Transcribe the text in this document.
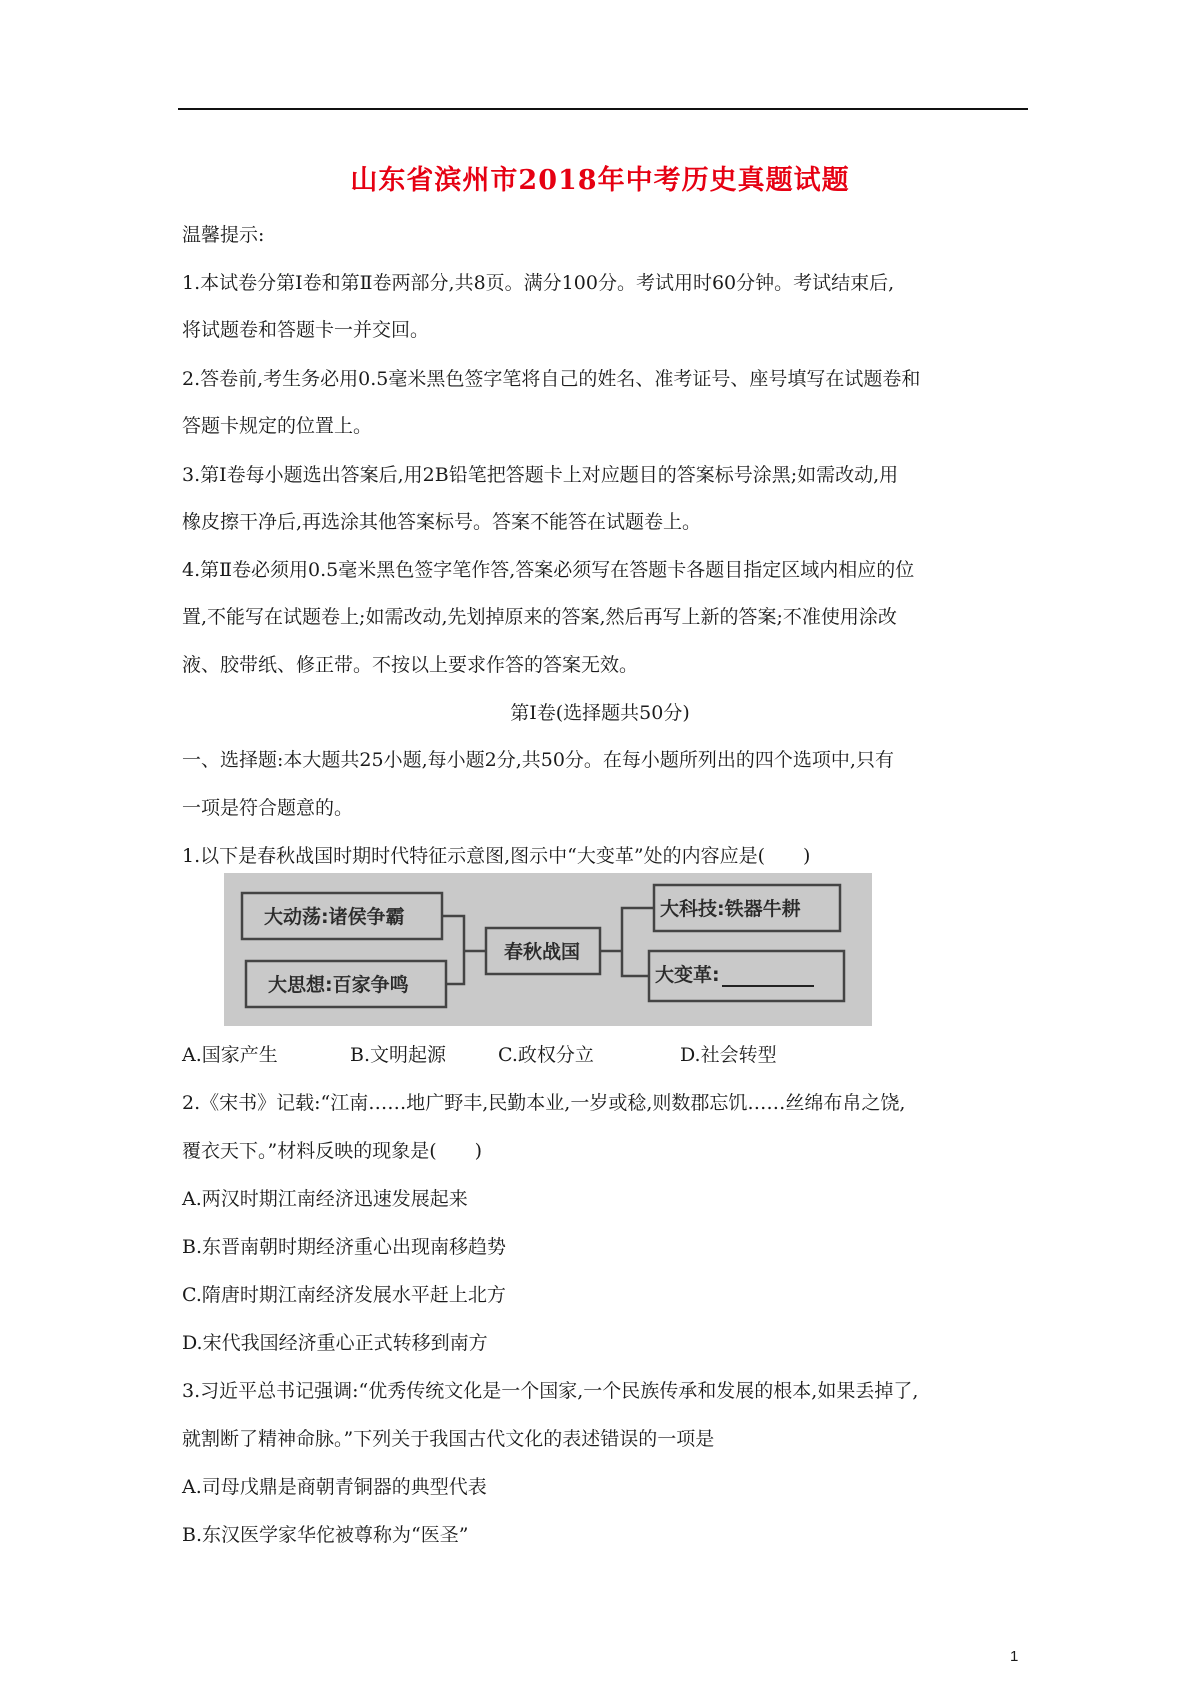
山东省滨州市2018年中考历史真题试题

温馨提示:

1.本试卷分第Ⅰ卷和第Ⅱ卷两部分,共8页。满分100分。考试用时60分钟。考试结束后,

将试题卷和答题卡一并交回。

2.答卷前,考生务必用0.5毫米黑色签字笔将自己的姓名、准考证号、座号填写在试题卷和

答题卡规定的位置上。

3.第Ⅰ卷每小题选出答案后,用2B铅笔把答题卡上对应题目的答案标号涂黑;如需改动,用

橡皮擦干净后,再选涂其他答案标号。答案不能答在试题卷上。

4.第Ⅱ卷必须用0.5毫米黑色签字笔作答,答案必须写在答题卡各题目指定区域内相应的位

置,不能写在试题卷上;如需改动,先划掉原来的答案,然后再写上新的答案;不准使用涂改

液、胶带纸、修正带。不按以上要求作答的答案无效。

第Ⅰ卷(选择题共50分)

一、选择题:本大题共25小题,每小题2分,共50分。在每小题所列出的四个选项中,只有

一项是符合题意的。

1.以下是春秋战国时期时代特征示意图,图示中“大变革”处的内容应是(　　)

大动荡:诸侯争霸
大思想:百家争鸣
春秋战国
大科技:铁器牛耕
大变革:

A.国家产生	B.文明起源	C.政权分立	D.社会转型

2.《宋书》记载:“江南……地广野丰,民勤本业,一岁或稔,则数郡忘饥……丝绵布帛之饶,

覆衣天下。”材料反映的现象是(　　)

A.两汉时期江南经济迅速发展起来

B.东晋南朝时期经济重心出现南移趋势

C.隋唐时期江南经济发展水平赶上北方

D.宋代我国经济重心正式转移到南方

3.习近平总书记强调:“优秀传统文化是一个国家,一个民族传承和发展的根本,如果丢掉了,

就割断了精神命脉。”下列关于我国古代文化的表述错误的一项是

A.司母戊鼎是商朝青铜器的典型代表

B.东汉医学家华佗被尊称为“医圣”

1
